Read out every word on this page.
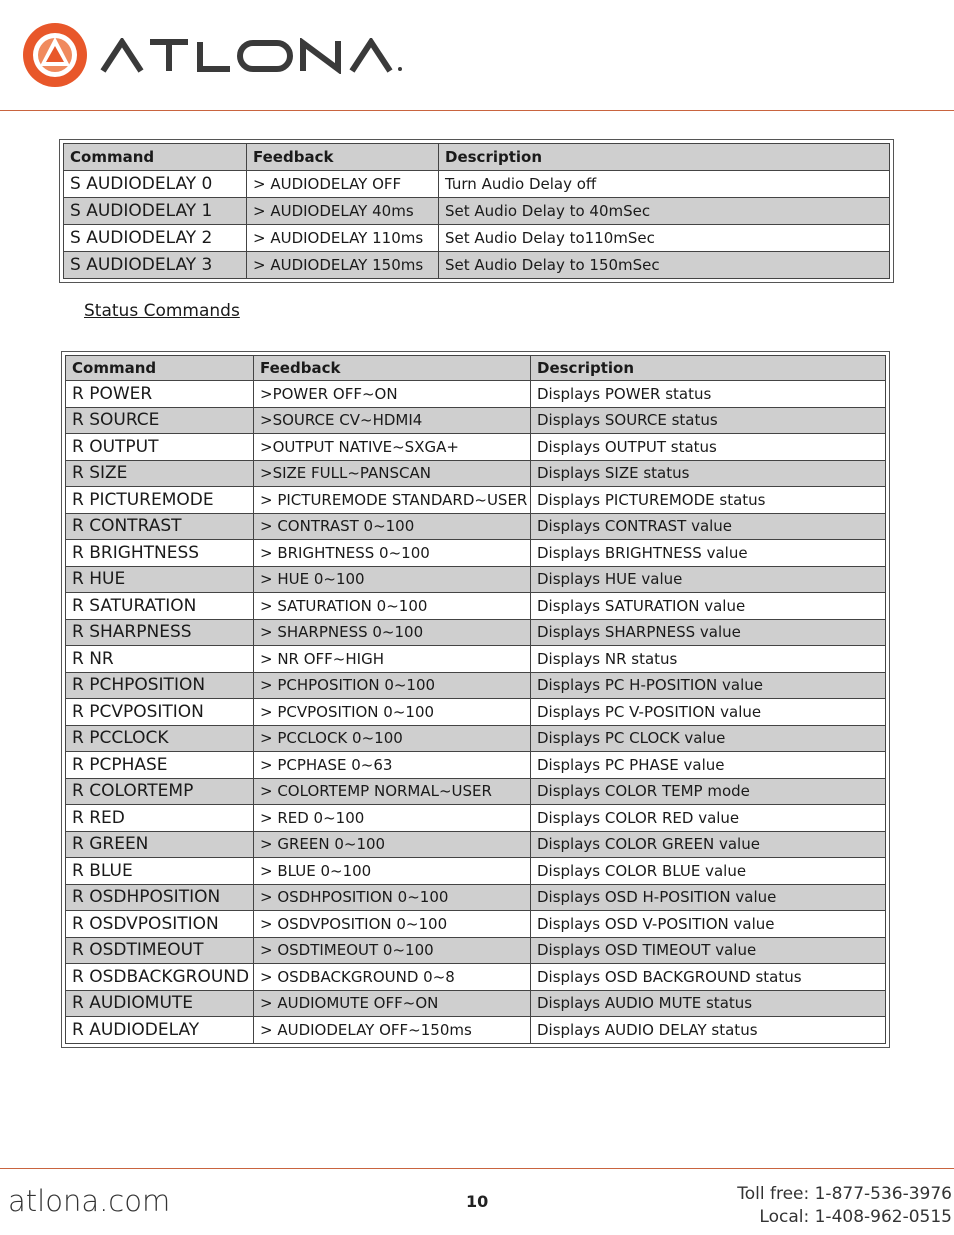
Command	Feedback	Description
S AUDIODELAY 0	> AUDIODELAY OFF	Turn Audio Delay off
S AUDIODELAY 1	> AUDIODELAY 40ms	Set Audio Delay to 40mSec
S AUDIODELAY 2	> AUDIODELAY 110ms	Set Audio Delay to110mSec
S AUDIODELAY 3	> AUDIODELAY 150ms	Set Audio Delay to 150mSec
Status Commands
Command	Feedback	Description
R POWER	>POWER OFF~ON	Displays POWER status
R SOURCE	>SOURCE CV~HDMI4	Displays SOURCE status
R OUTPUT	>OUTPUT NATIVE~SXGA+	Displays OUTPUT status
R SIZE	>SIZE FULL~PANSCAN	Displays SIZE status
R PICTUREMODE	> PICTUREMODE STANDARD~USER	Displays PICTUREMODE status
R CONTRAST	> CONTRAST 0~100	Displays CONTRAST value
R BRIGHTNESS	> BRIGHTNESS 0~100	Displays BRIGHTNESS value
R HUE	> HUE 0~100	Displays HUE value
R SATURATION	> SATURATION 0~100	Displays SATURATION value
R SHARPNESS	> SHARPNESS 0~100	Displays SHARPNESS value
R NR	> NR OFF~HIGH	Displays NR status
R PCHPOSITION	> PCHPOSITION 0~100	Displays PC H-POSITION value
R PCVPOSITION	> PCVPOSITION 0~100	Displays PC V-POSITION value
R PCCLOCK	> PCCLOCK 0~100	Displays PC CLOCK value
R PCPHASE	> PCPHASE 0~63	Displays PC PHASE value
R COLORTEMP	> COLORTEMP NORMAL~USER	Displays COLOR TEMP mode
R RED	> RED 0~100	Displays COLOR RED value
R GREEN	> GREEN 0~100	Displays COLOR GREEN value
R BLUE	> BLUE 0~100	Displays COLOR BLUE value
R OSDHPOSITION	> OSDHPOSITION 0~100	Displays OSD H-POSITION value
R OSDVPOSITION	> OSDVPOSITION 0~100	Displays OSD V-POSITION value
R OSDTIMEOUT	> OSDTIMEOUT 0~100	Displays OSD TIMEOUT value
R OSDBACKGROUND	> OSDBACKGROUND 0~8	Displays OSD BACKGROUND status
R AUDIOMUTE	> AUDIOMUTE OFF~ON	Displays AUDIO MUTE status
R AUDIODELAY	> AUDIODELAY OFF~150ms	Displays AUDIO DELAY status
atlona.com	10	Toll free: 1-877-536-3976
Local: 1-408-962-0515
